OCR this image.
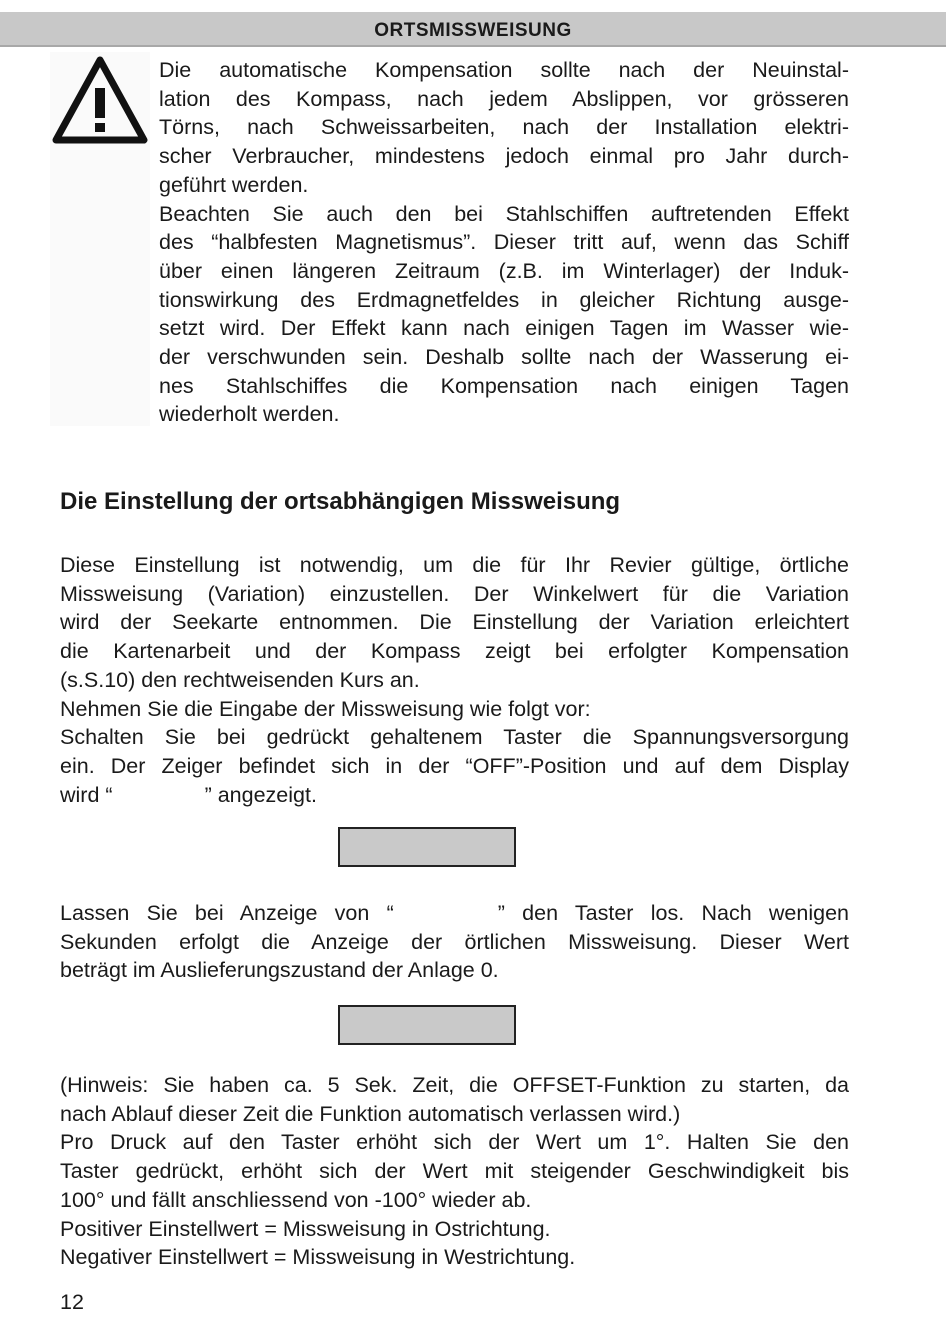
ORTSMISSWEISUNG
Die automatische Kompensation sollte nach der Neuinstal-
lation des Kompass, nach jedem Abslippen, vor grösseren
Törns, nach Schweissarbeiten, nach der Installation elektri-
scher Verbraucher, mindestens jedoch einmal pro Jahr durch-
geführt werden.
Beachten Sie auch den bei Stahlschiffen auftretenden Effekt
des “halbfesten Magnetismus”. Dieser tritt auf, wenn das Schiff
über einen längeren Zeitraum (z.B. im Winterlager) der Induk-
tionswirkung des Erdmagnetfeldes in gleicher Richtung ausge-
setzt wird. Der Effekt kann nach einigen Tagen im Wasser wie-
der verschwunden sein. Deshalb sollte nach der Wasserung ei-
nes Stahlschiffes die Kompensation nach einigen Tagen
wiederholt werden.
Die Einstellung der ortsabhängigen Missweisung
Diese Einstellung ist notwendig, um die für Ihr Revier gültige, örtliche
Missweisung (Variation) einzustellen. Der Winkelwert für die Variation
wird der Seekarte entnommen. Die Einstellung der Variation erleichtert
die Kartenarbeit und der Kompass zeigt bei erfolgter Kompensation
(s.S.10) den rechtweisenden Kurs an.
Nehmen Sie die Eingabe der Missweisung wie folgt vor:
Schalten Sie bei gedrückt gehaltenem Taster die Spannungsversorgung
ein. Der Zeiger befindet sich in der “OFF”-Position und auf dem Display
wird “	” angezeigt.
Lassen Sie bei Anzeige von “	” den Taster los. Nach wenigen
Sekunden erfolgt die Anzeige der örtlichen Missweisung. Dieser Wert
beträgt im Auslieferungszustand der Anlage 0.
(Hinweis: Sie haben ca. 5 Sek. Zeit, die OFFSET-Funktion zu starten, da
nach Ablauf dieser Zeit die Funktion automatisch verlassen wird.)
Pro Druck auf den Taster erhöht sich der Wert um 1°. Halten Sie den
Taster gedrückt, erhöht sich der Wert mit steigender Geschwindigkeit bis
100° und fällt anschliessend von -100° wieder ab.
Positiver Einstellwert = Missweisung in Ostrichtung.
Negativer Einstellwert = Missweisung in Westrichtung.
12
